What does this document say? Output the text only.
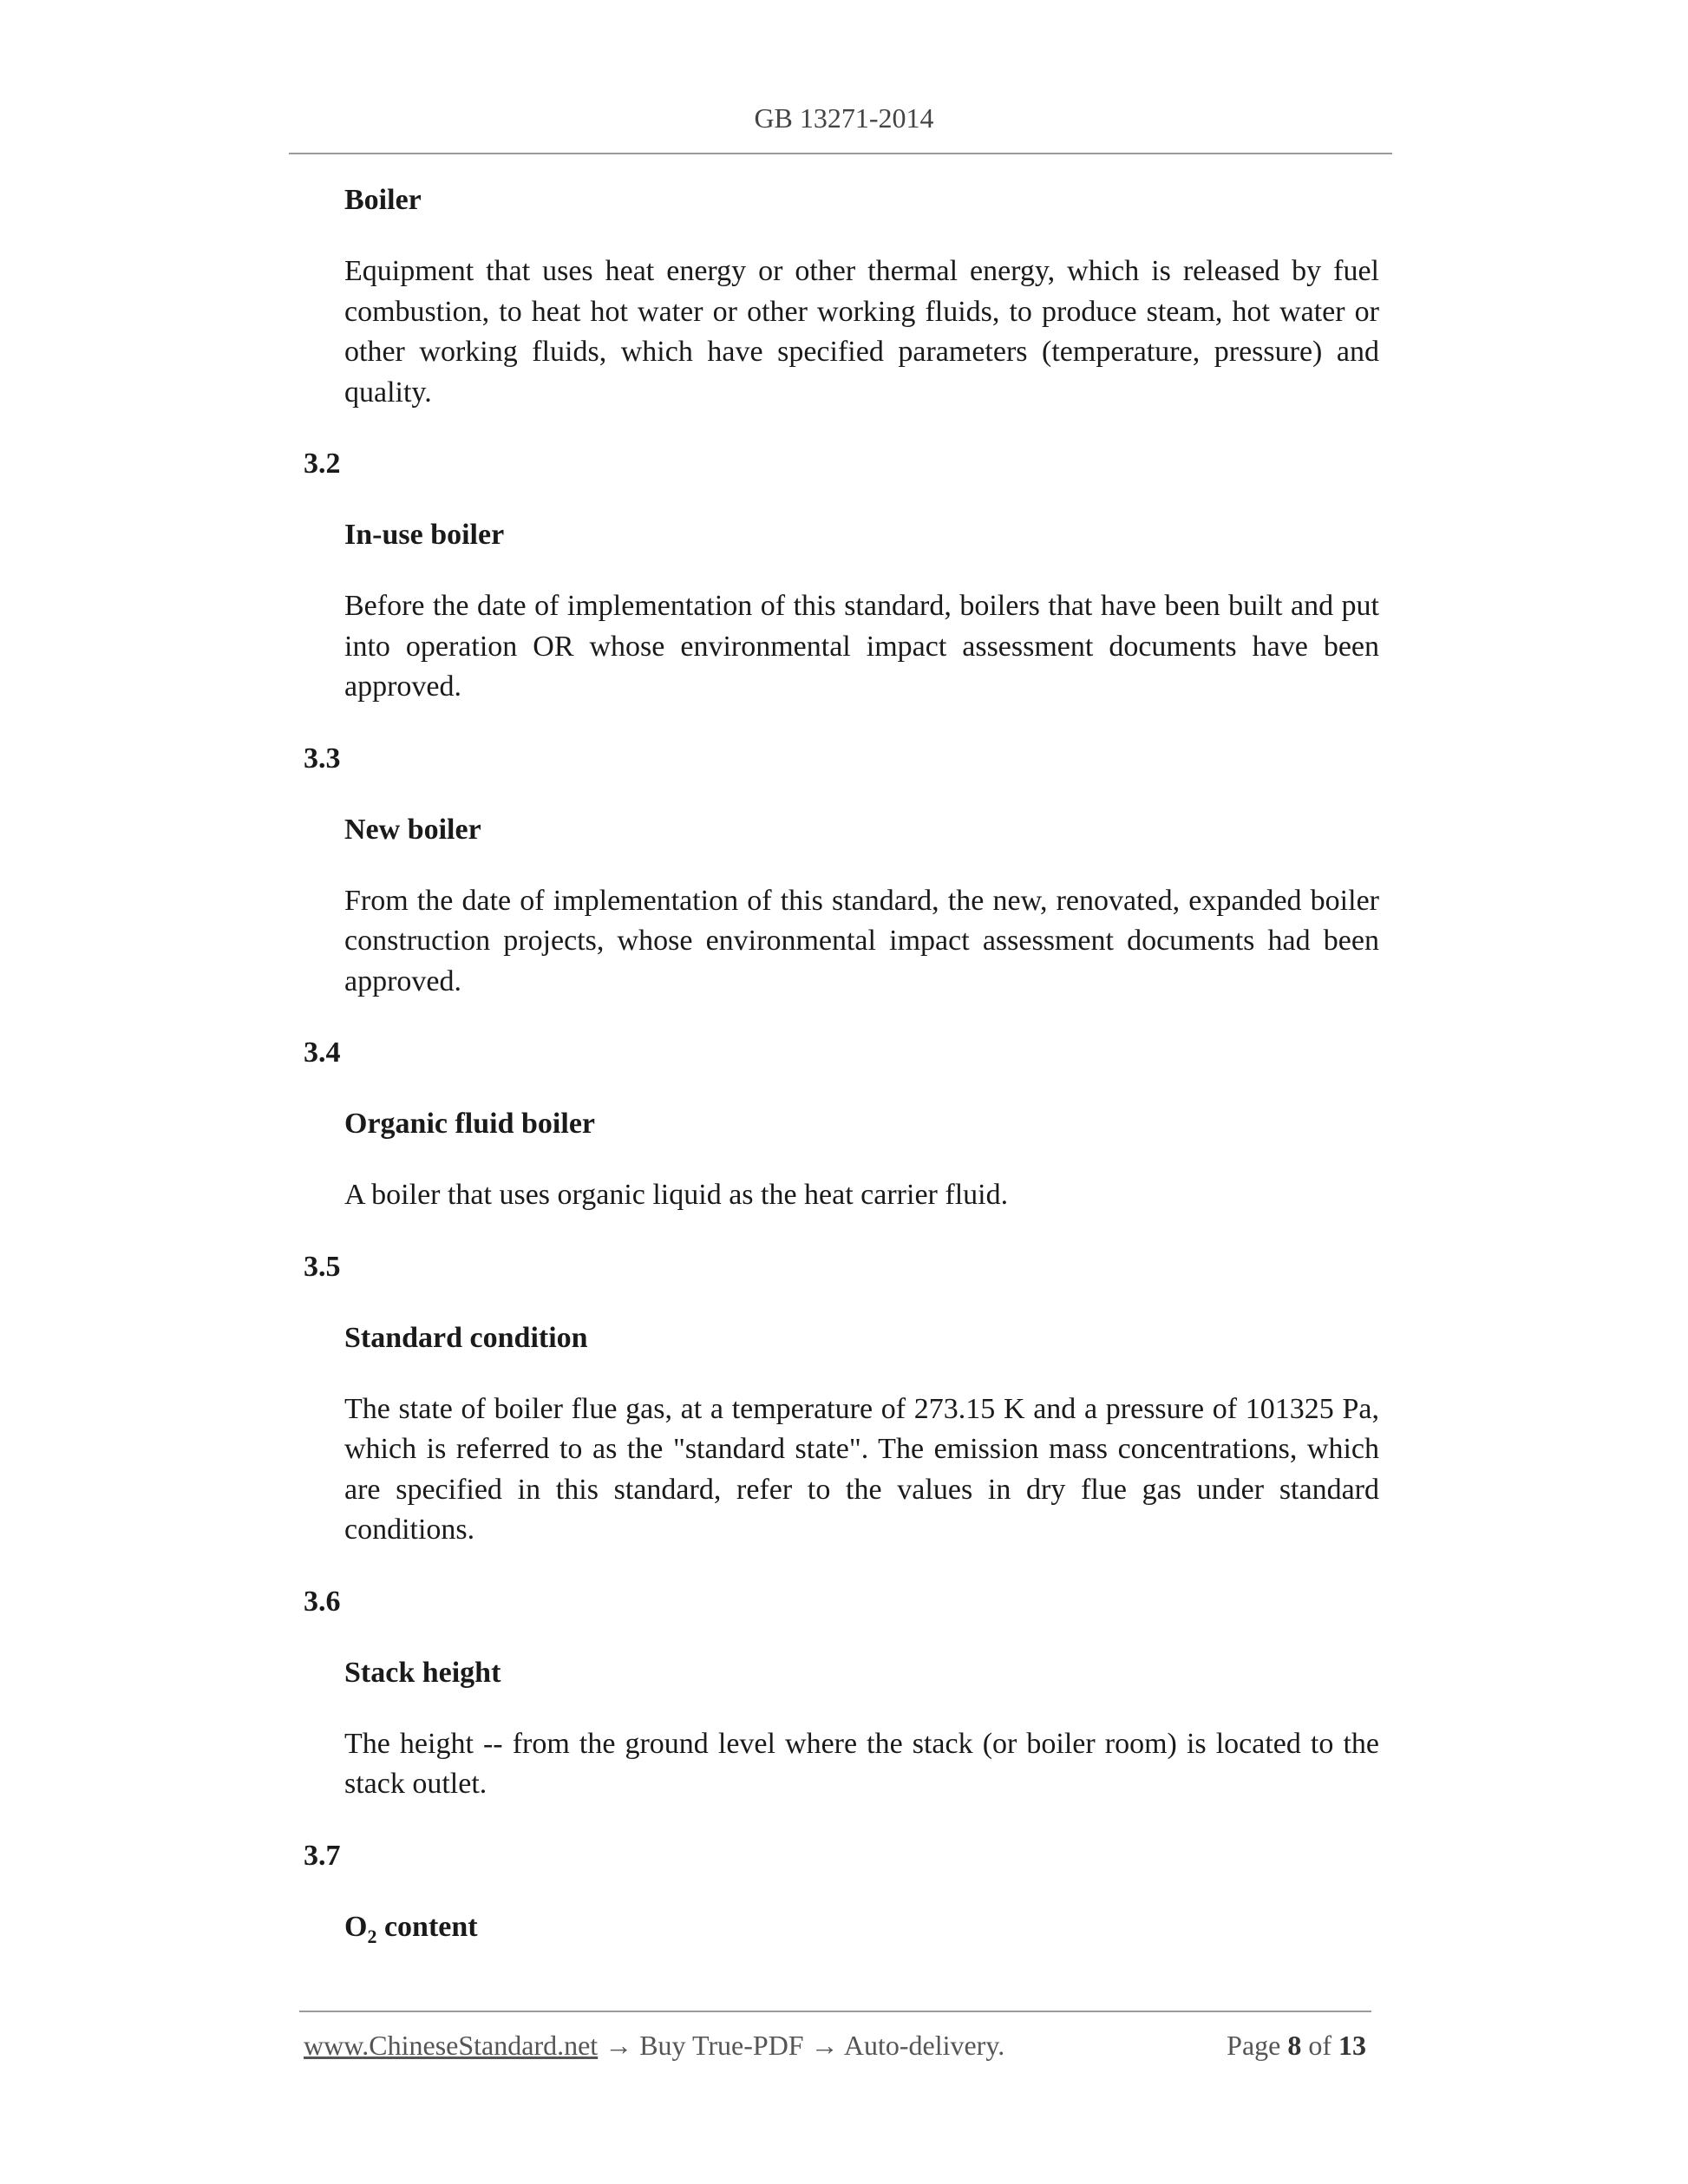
GB 13271-2014

Boiler

Equipment that uses heat energy or other thermal energy, which is released by fuel combustion, to heat hot water or other working fluids, to produce steam, hot water or other working fluids, which have specified parameters (temperature, pressure) and quality.

3.2

In-use boiler

Before the date of implementation of this standard, boilers that have been built and put into operation OR whose environmental impact assessment documents have been approved.

3.3

New boiler

From the date of implementation of this standard, the new, renovated, expanded boiler construction projects, whose environmental impact assessment documents had been approved.

3.4

Organic fluid boiler

A boiler that uses organic liquid as the heat carrier fluid.

3.5

Standard condition

The state of boiler flue gas, at a temperature of 273.15 K and a pressure of 101325 Pa, which is referred to as the "standard state". The emission mass concentrations, which are specified in this standard, refer to the values in dry flue gas under standard conditions.

3.6

Stack height

The height -- from the ground level where the stack (or boiler room) is located to the stack outlet.

3.7

$O_2$ content

www.ChineseStandard.net → Buy True-PDF → Auto-delivery.	Page 8 of 13
